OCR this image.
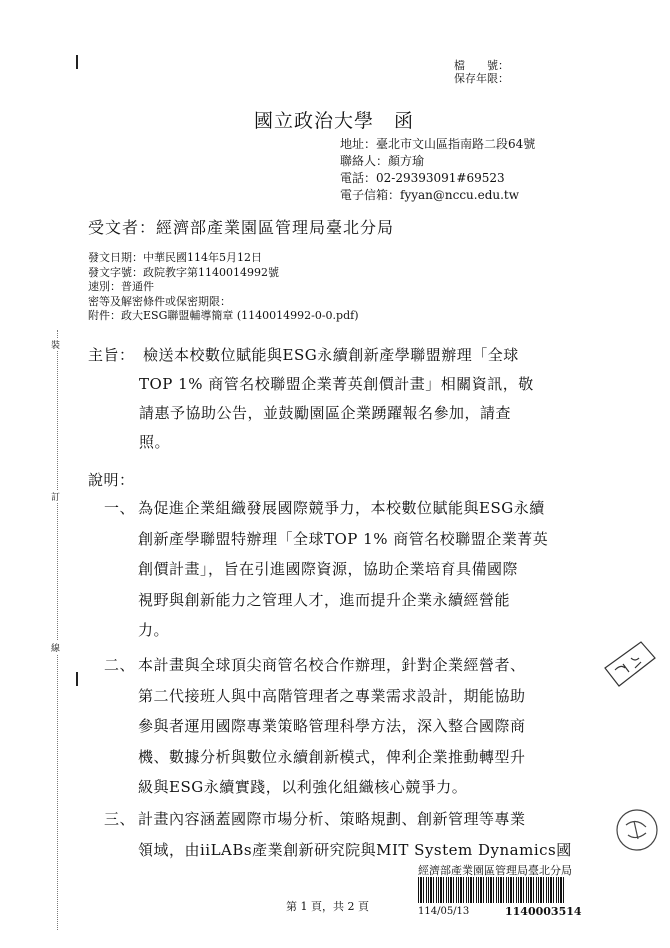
檔　　號：
保存年限：
國立政治大學　函
地址：臺北市文山區指南路二段64號
聯絡人：顏方瑜
電話：02-29393091#69523
電子信箱：fyyan@nccu.edu.tw
受文者：經濟部產業園區管理局臺北分局
發文日期：中華民國114年5月12日
發文字號：政院教字第1140014992號
速別：普通件
密等及解密條件或保密期限：
附件：政大ESG聯盟輔導簡章 (1140014992-0-0.pdf)
主旨： 檢送本校數位賦能與ESG永續創新產學聯盟辦理「全球
TOP 1% 商管名校聯盟企業菁英創價計畫」相關資訊，敬
請惠予協助公告，並鼓勵園區企業踴躍報名參加，請查
照。
說明：
一、 為促進企業組織發展國際競爭力，本校數位賦能與ESG永續
創新產學聯盟特辦理「全球TOP 1% 商管名校聯盟企業菁英
創價計畫」，旨在引進國際資源，協助企業培育具備國際
視野與創新能力之管理人才，進而提升企業永續經營能
力。
二、 本計畫與全球頂尖商管名校合作辦理，針對企業經營者、
第二代接班人與中高階管理者之專業需求設計，期能協助
參與者運用國際專業策略管理科學方法，深入整合國際商
機、數據分析與數位永續創新模式，俾利企業推動轉型升
級與ESG永續實踐，以利強化組織核心競爭力。
三、 計畫內容涵蓋國際市場分析、策略規劃、創新管理等專業
領域，由iiLABs產業創新研究院與MIT System Dynamics國
裝
訂
線
經濟部產業園區管理局臺北分局
114/05/13	1140003514
第 1 頁，共 2 頁
